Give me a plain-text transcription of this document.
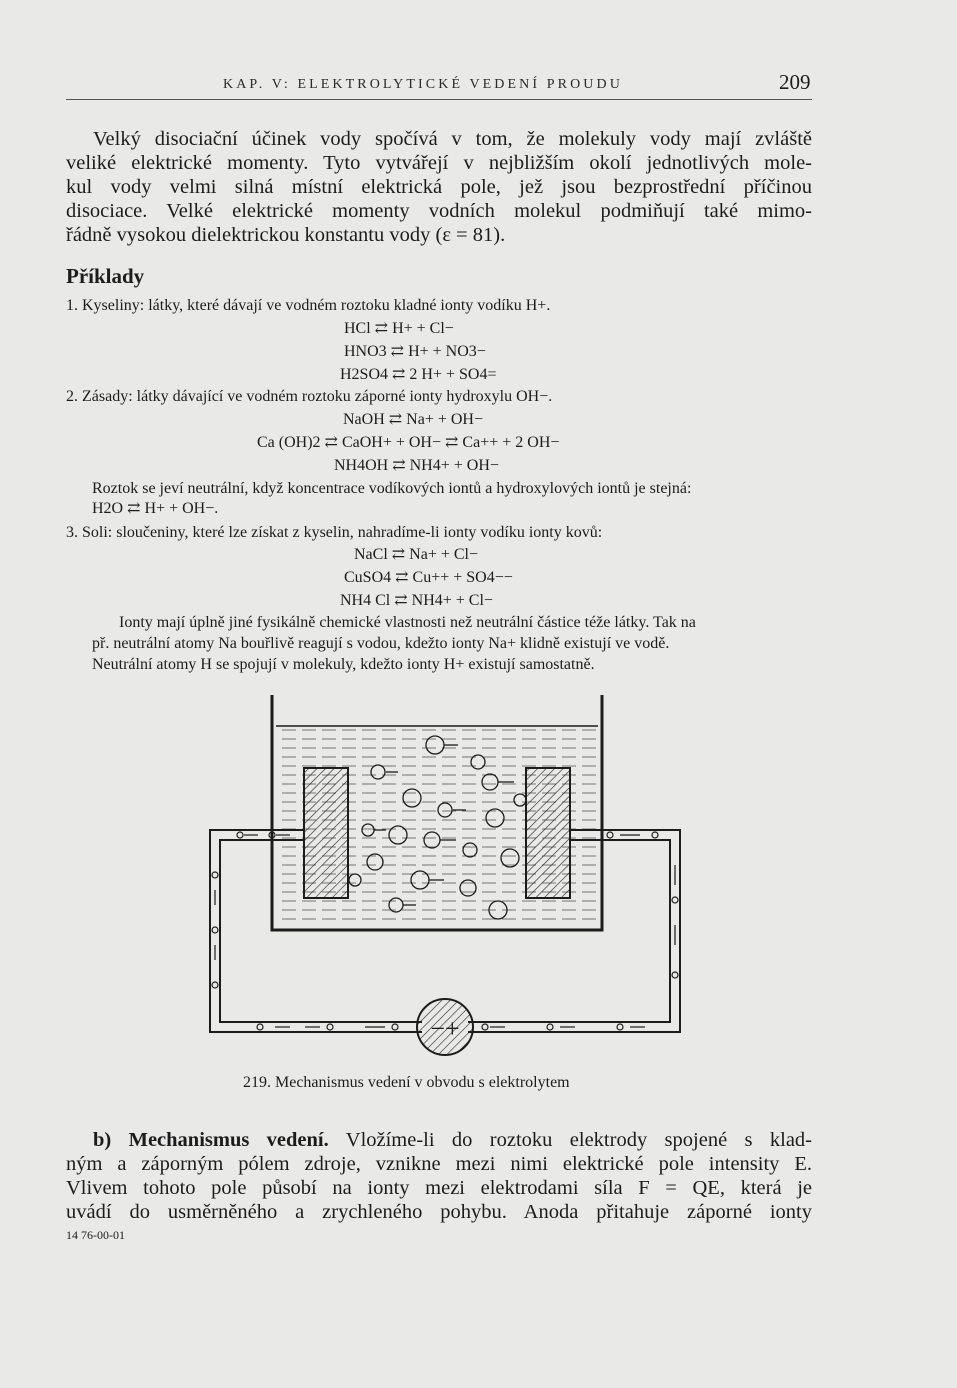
KAP. V: ELEKTROLYTICKÉ VEDENÍ PROUDU	209
Velký disociační účinek vody spočívá v tom, že molekuly vody mají zvláště
veliké elektrické momenty. Tyto vytvářejí v nejbližším okolí jednotlivých mole-
kul vody velmi silná místní elektrická pole, jež jsou bezprostřední příčinou
disociace. Velké elektrické momenty vodních molekul podmiňují také mimo-
řádně vysokou dielektrickou konstantu vody (ε = 81).
Příklady
1. Kyseliny: látky, které dávají ve vodném roztoku kladné ionty vodíku H+.
HCl ⇄ H+ + Cl−
HNO3 ⇄ H+ + NO3−
H2SO4 ⇄ 2 H+ + SO4=
2. Zásady: látky dávající ve vodném roztoku záporné ionty hydroxylu OH−.
NaOH ⇄ Na+ + OH−
Ca (OH)2 ⇄ CaOH+ + OH− ⇄ Ca++ + 2 OH−
NH4OH ⇄ NH4+ + OH−
Roztok se jeví neutrální, když koncentrace vodíkových iontů a hydroxylových iontů je stejná:
H2O ⇄ H+ + OH−.
3. Soli: sloučeniny, které lze získat z kyselin, nahradíme-li ionty vodíku ionty kovů:
NaCl ⇄ Na+ + Cl−
CuSO4 ⇄ Cu++ + SO4−−
NH4 Cl ⇄ NH4+ + Cl−
Ionty mají úplně jiné fysikálně chemické vlastnosti než neutrální částice téže látky. Tak na
př. neutrální atomy Na bouřlivě reagují s vodou, kdežto ionty Na+ klidně existují ve vodě.
Neutrální atomy H se spojují v molekuly, kdežto ionty H+ existují samostatně.
−+
219. Mechanismus vedení v obvodu s elektrolytem
b) Mechanismus vedení. Vložíme-li do roztoku elektrody spojené s klad-
ným a záporným pólem zdroje, vznikne mezi nimi elektrické pole intensity E.
Vlivem tohoto pole působí na ionty mezi elektrodami síla F = QE, která je
uvádí do usměrněného a zrychleného pohybu. Anoda přitahuje záporné ionty
14 76-00-01
